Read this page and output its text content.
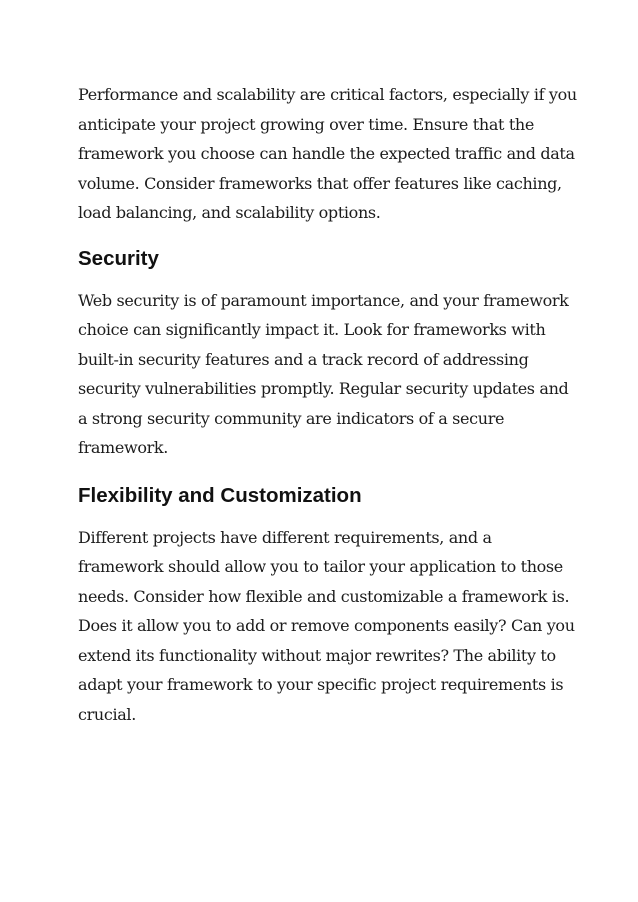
Performance and scalability are critical factors, especially if you anticipate your project growing over time. Ensure that the framework you choose can handle the expected traffic and data volume. Consider frameworks that offer features like caching, load balancing, and scalability options.

Security

Web security is of paramount importance, and your framework choice can significantly impact it. Look for frameworks with built-in security features and a track record of addressing security vulnerabilities promptly. Regular security updates and a strong security community are indicators of a secure framework.

Flexibility and Customization

Different projects have different requirements, and a framework should allow you to tailor your application to those needs. Consider how flexible and customizable a framework is. Does it allow you to add or remove components easily? Can you extend its functionality without major rewrites? The ability to adapt your framework to your specific project requirements is crucial.
